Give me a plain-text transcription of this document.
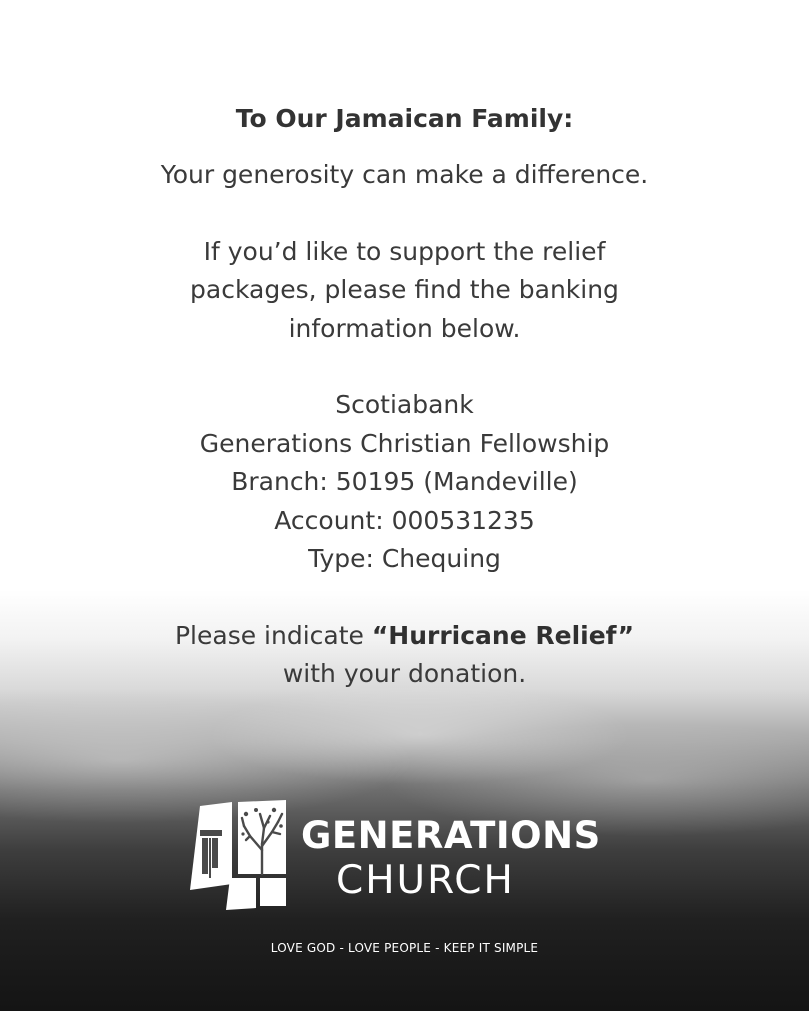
To Our Jamaican Family:

Your generosity can make a difference.

If you’d like to support the relief

packages, please find the banking

information below.

Scotiabank

Generations Christian Fellowship

Branch: 50195 (Mandeville)

Account: 000531235

Type: Chequing

Please indicate “Hurricane Relief”

with your donation.

GENERATIONS
CHURCH
LOVE GOD - LOVE PEOPLE - KEEP IT SIMPLE
